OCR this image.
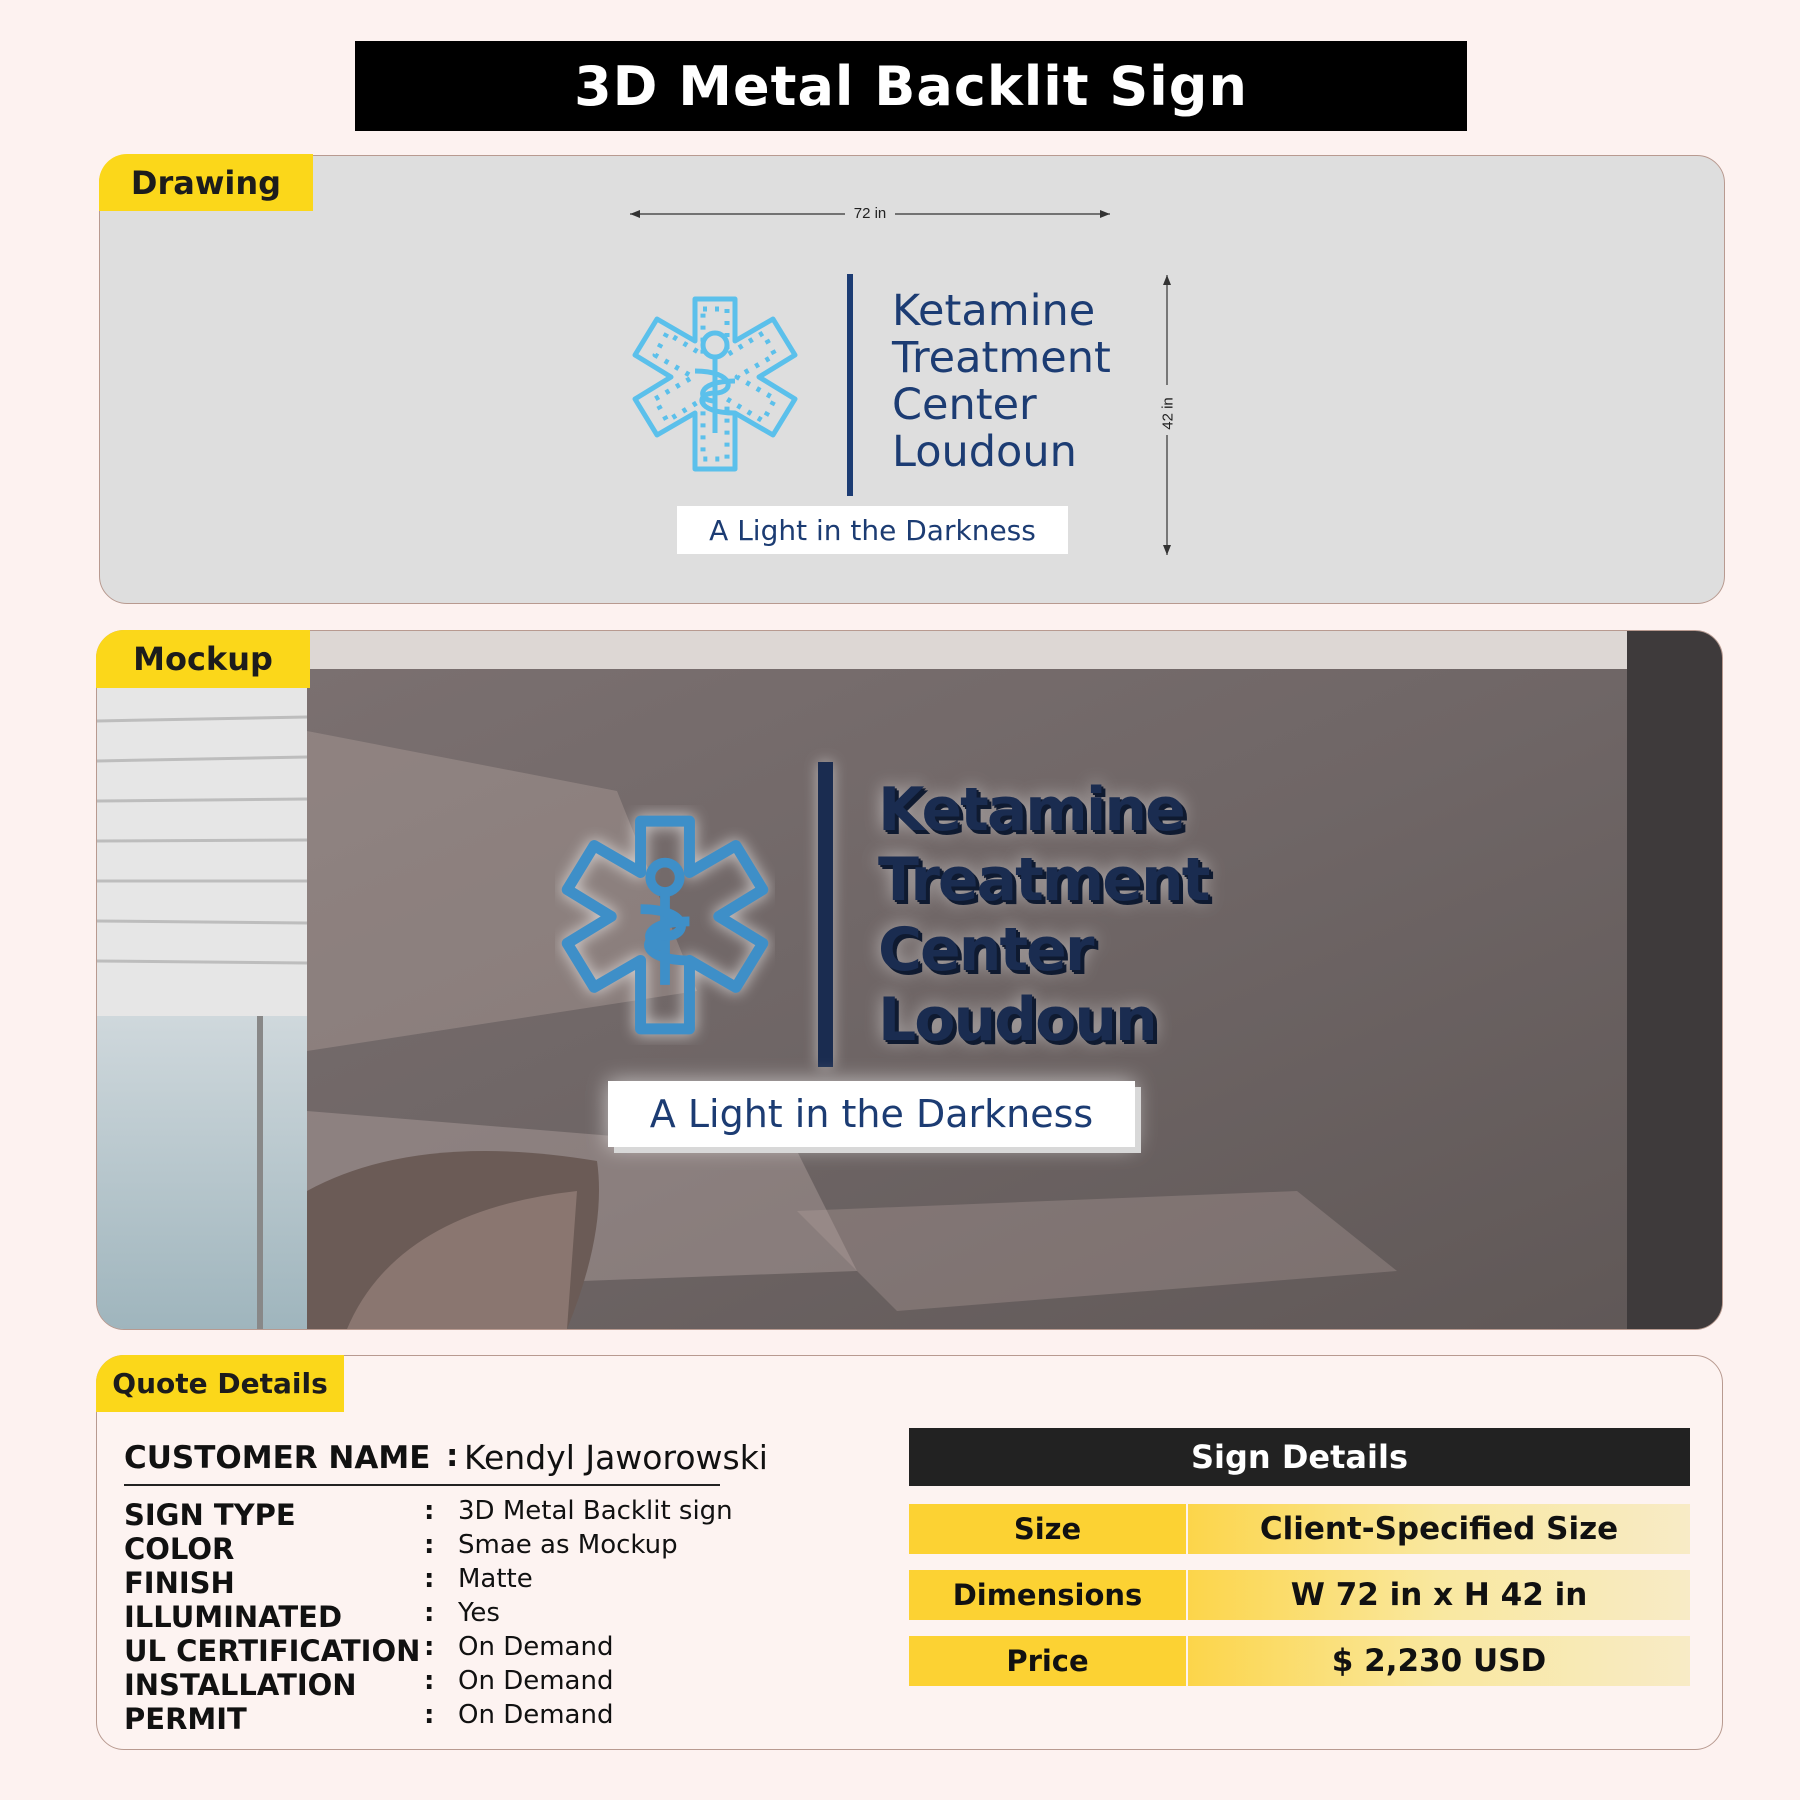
3D Metal Backlit Sign
Drawing
72 in
42 in
Ketamine
Treatment
Center
Loudoun
A Light in the Darkness
Mockup
Ketamine
Treatment
Center
Loudoun
A Light in the Darkness
Quote Details
CUSTOMER NAME : Kendyl Jaworowski
SIGN TYPE	: 3D Metal Backlit sign
COLOR	: Smae as Mockup
FINISH	: Matte
ILLUMINATED	: Yes
UL CERTIFICATION : On Demand
INSTALLATION	: On Demand
PERMIT	: On Demand
Sign Details
Size	Client-Specified Size
Dimensions	W 72 in x H 42 in
Price	$ 2,230 USD
